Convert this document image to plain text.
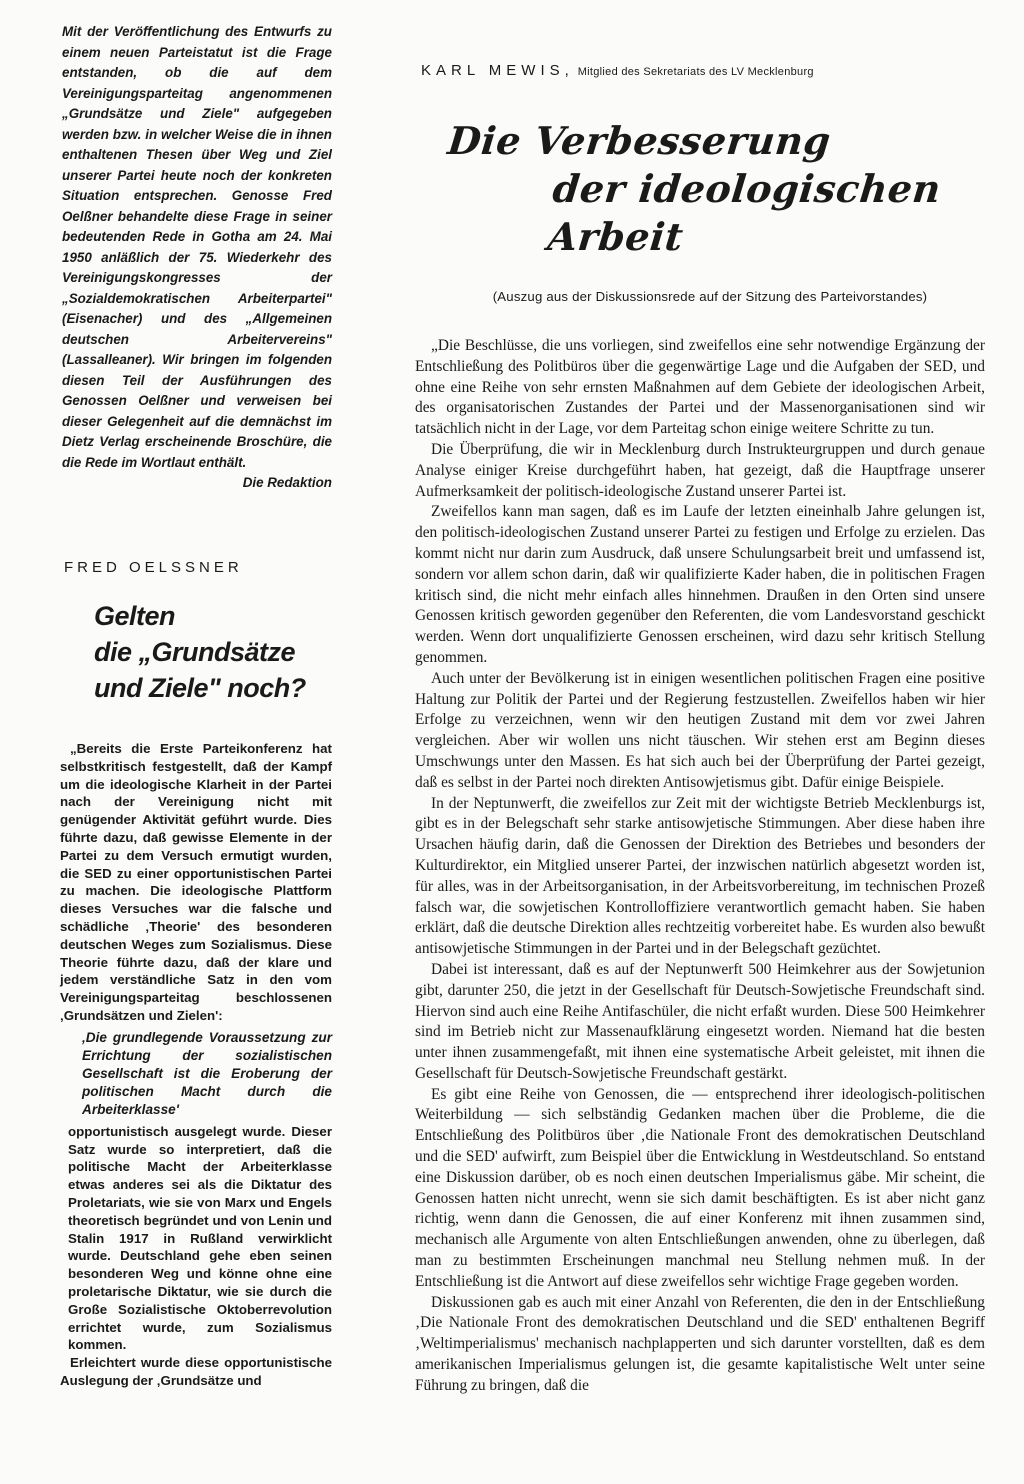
Mit der Veröffentlichung des Entwurfs zu einem neuen Parteistatut ist die Frage entstanden, ob die auf dem Vereinigungsparteitag angenommenen „Grundsätze und Ziele" aufgegeben werden bzw. in welcher Weise die in ihnen enthaltenen Thesen über Weg und Ziel unserer Partei heute noch der konkreten Situation entsprechen. Genosse Fred Oelßner behandelte diese Frage in seiner bedeutenden Rede in Gotha am 24. Mai 1950 anläßlich der 75. Wiederkehr des Vereinigungskongresses der „Sozialdemokratischen Arbeiterpartei" (Eisenacher) und des „Allgemeinen deutschen Arbeitervereins" (Lassalleaner). Wir bringen im folgenden diesen Teil der Ausführungen des Genossen Oelßner und verweisen bei dieser Gelegenheit auf die demnächst im Dietz Verlag erscheinende Broschüre, die die Rede im Wortlaut enthält.

Die Redaktion

FRED OELSSNER
Gelten
die „Grundsätze
und Ziele" noch?

„Bereits die Erste Parteikonferenz hat selbstkritisch festgestellt, daß der Kampf um die ideologische Klarheit in der Partei nach der Vereinigung nicht mit genügender Aktivität geführt wurde. Dies führte dazu, daß gewisse Elemente in der Partei zu dem Versuch ermutigt wurden, die SED zu einer opportunistischen Partei zu machen. Die ideologische Plattform dieses Versuches war die falsche und schädliche ‚Theorie' des besonderen deutschen Weges zum Sozialismus. Diese Theorie führte dazu, daß der klare und jedem verständliche Satz in den vom Vereinigungsparteitag beschlossenen ‚Grundsätzen und Zielen':

‚Die grundlegende Voraussetzung zur Errichtung der sozialistischen Gesellschaft ist die Eroberung der politischen Macht durch die Arbeiterklasse'

opportunistisch ausgelegt wurde. Dieser Satz wurde so interpretiert, daß die politische Macht der Arbeiterklasse etwas anderes sei als die Diktatur des Proletariats, wie sie von Marx und Engels theoretisch begründet und von Lenin und Stalin 1917 in Rußland verwirklicht wurde. Deutschland gehe eben seinen besonderen Weg und könne ohne eine proletarische Diktatur, wie sie durch die Große Sozialistische Oktoberrevolution errichtet wurde, zum Sozialismus kommen.

Erleichtert wurde diese opportunistische Auslegung der ‚Grundsätze und

KARL MEWIS, Mitglied des Sekretariats des LV Mecklenburg
Die Verbesserung
der ideologischen Arbeit
(Auszug aus der Diskussionsrede auf der Sitzung des Parteivorstandes)

„Die Beschlüsse, die uns vorliegen, sind zweifellos eine sehr notwendige Ergänzung der Entschließung des Politbüros über die gegenwärtige Lage und die Aufgaben der SED, und ohne eine Reihe von sehr ernsten Maßnahmen auf dem Gebiete der ideologischen Arbeit, des organisatorischen Zustandes der Partei und der Massenorganisationen sind wir tatsächlich nicht in der Lage, vor dem Parteitag schon einige weitere Schritte zu tun.

Die Überprüfung, die wir in Mecklenburg durch Instrukteurgruppen und durch genaue Analyse einiger Kreise durchgeführt haben, hat gezeigt, daß die Hauptfrage unserer Aufmerksamkeit der politisch-ideologische Zustand unserer Partei ist.

Zweifellos kann man sagen, daß es im Laufe der letzten eineinhalb Jahre gelungen ist, den politisch-ideologischen Zustand unserer Partei zu festigen und Erfolge zu erzielen. Das kommt nicht nur darin zum Ausdruck, daß unsere Schulungsarbeit breit und umfassend ist, sondern vor allem schon darin, daß wir qualifizierte Kader haben, die in politischen Fragen kritisch sind, die nicht mehr einfach alles hinnehmen. Draußen in den Orten sind unsere Genossen kritisch geworden gegenüber den Referenten, die vom Landesvorstand geschickt werden. Wenn dort unqualifizierte Genossen erscheinen, wird dazu sehr kritisch Stellung genommen.

Auch unter der Bevölkerung ist in einigen wesentlichen politischen Fragen eine positive Haltung zur Politik der Partei und der Regierung festzustellen. Zweifellos haben wir hier Erfolge zu verzeichnen, wenn wir den heutigen Zustand mit dem vor zwei Jahren vergleichen. Aber wir wollen uns nicht täuschen. Wir stehen erst am Beginn dieses Umschwungs unter den Massen. Es hat sich auch bei der Überprüfung der Partei gezeigt, daß es selbst in der Partei noch direkten Antisowjetismus gibt. Dafür einige Beispiele.

In der Neptunwerft, die zweifellos zur Zeit mit der wichtigste Betrieb Mecklenburgs ist, gibt es in der Belegschaft sehr starke antisowjetische Stimmungen. Aber diese haben ihre Ursachen häufig darin, daß die Genossen der Direktion des Betriebes und besonders der Kulturdirektor, ein Mitglied unserer Partei, der inzwischen natürlich abgesetzt worden ist, für alles, was in der Arbeitsorganisation, in der Arbeitsvorbereitung, im technischen Prozeß falsch war, die sowjetischen Kontrolloffiziere verantwortlich gemacht haben. Sie haben erklärt, daß die deutsche Direktion alles rechtzeitig vorbereitet habe. Es wurden also bewußt antisowjetische Stimmungen in der Partei und in der Belegschaft gezüchtet.

Dabei ist interessant, daß es auf der Neptunwerft 500 Heimkehrer aus der Sowjetunion gibt, darunter 250, die jetzt in der Gesellschaft für Deutsch-Sowjetische Freundschaft sind. Hiervon sind auch eine Reihe Antifaschüler, die nicht erfaßt wurden. Diese 500 Heimkehrer sind im Betrieb nicht zur Massenaufklärung eingesetzt worden. Niemand hat die besten unter ihnen zusammengefaßt, mit ihnen eine systematische Arbeit geleistet, mit ihnen die Gesellschaft für Deutsch-Sowjetische Freundschaft gestärkt.

Es gibt eine Reihe von Genossen, die — entsprechend ihrer ideologisch-politischen Weiterbildung — sich selbständig Gedanken machen über die Probleme, die die Entschließung des Politbüros über ‚die Nationale Front des demokratischen Deutschland und die SED' aufwirft, zum Beispiel über die Entwicklung in Westdeutschland. So entstand eine Diskussion darüber, ob es noch einen deutschen Imperialismus gäbe. Mir scheint, die Genossen hatten nicht unrecht, wenn sie sich damit beschäftigten. Es ist aber nicht ganz richtig, wenn dann die Genossen, die auf einer Konferenz mit ihnen zusammen sind, mechanisch alle Argumente von alten Entschließungen anwenden, ohne zu überlegen, daß man zu bestimmten Erscheinungen manchmal neu Stellung nehmen muß. In der Entschließung ist die Antwort auf diese zweifellos sehr wichtige Frage gegeben worden.

Diskussionen gab es auch mit einer Anzahl von Referenten, die den in der Entschließung ‚Die Nationale Front des demokratischen Deutschland und die SED' enthaltenen Begriff ‚Weltimperialismus' mechanisch nachplapperten und sich darunter vorstellten, daß es dem amerikanischen Imperialismus gelungen ist, die gesamte kapitalistische Welt unter seine Führung zu bringen, daß die
